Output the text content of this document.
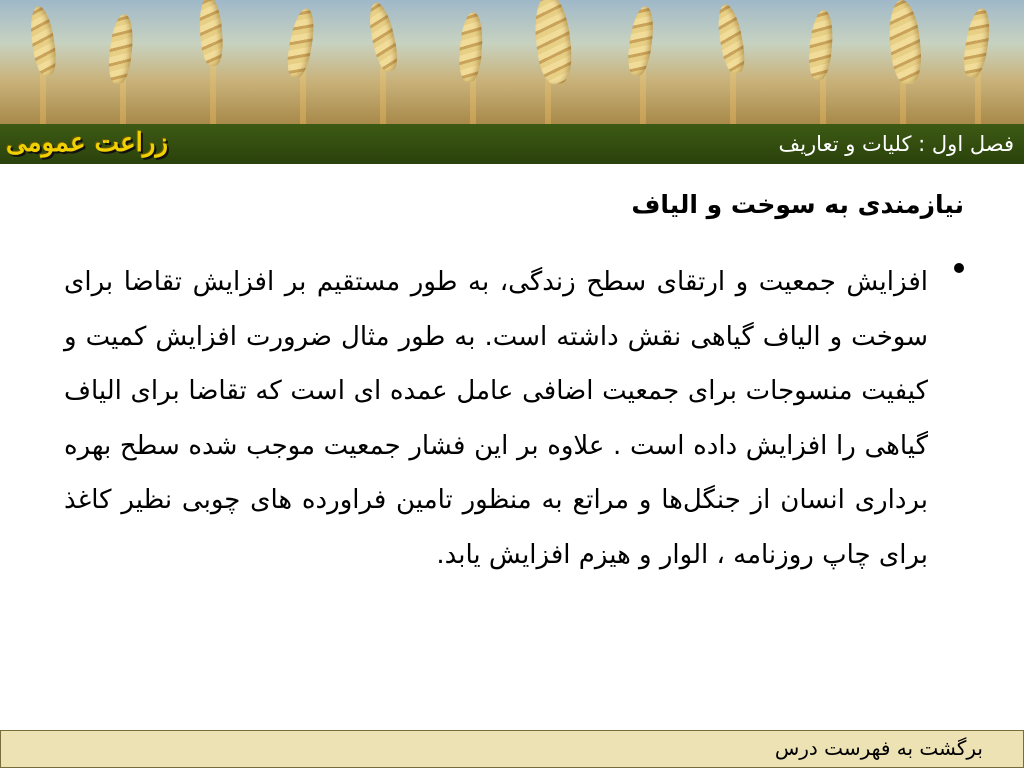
زراعت عمومی	فصل اول : کلیات و تعاریف
نیازمندی به سوخت و الیاف

افزایش جمعیت و ارتقای سطح زندگی، به طور مستقیم بر افزایش تقاضا برای سوخت و الیاف گیاهی نقش داشته است. به طور مثال ضرورت افزایش کمیت و کیفیت منسوجات برای جمعیت اضافی عامل عمده ای است که تقاضا برای الیاف گیاهی را افزایش داده است . علاوه بر این فشار جمعیت موجب شده سطح بهره برداری انسان از جنگل‌ها و مراتع به منظور تامین فراورده های چوبی نظیر کاغذ برای چاپ روزنامه ، الوار و هیزم افزایش یابد.

برگشت به فهرست درس
